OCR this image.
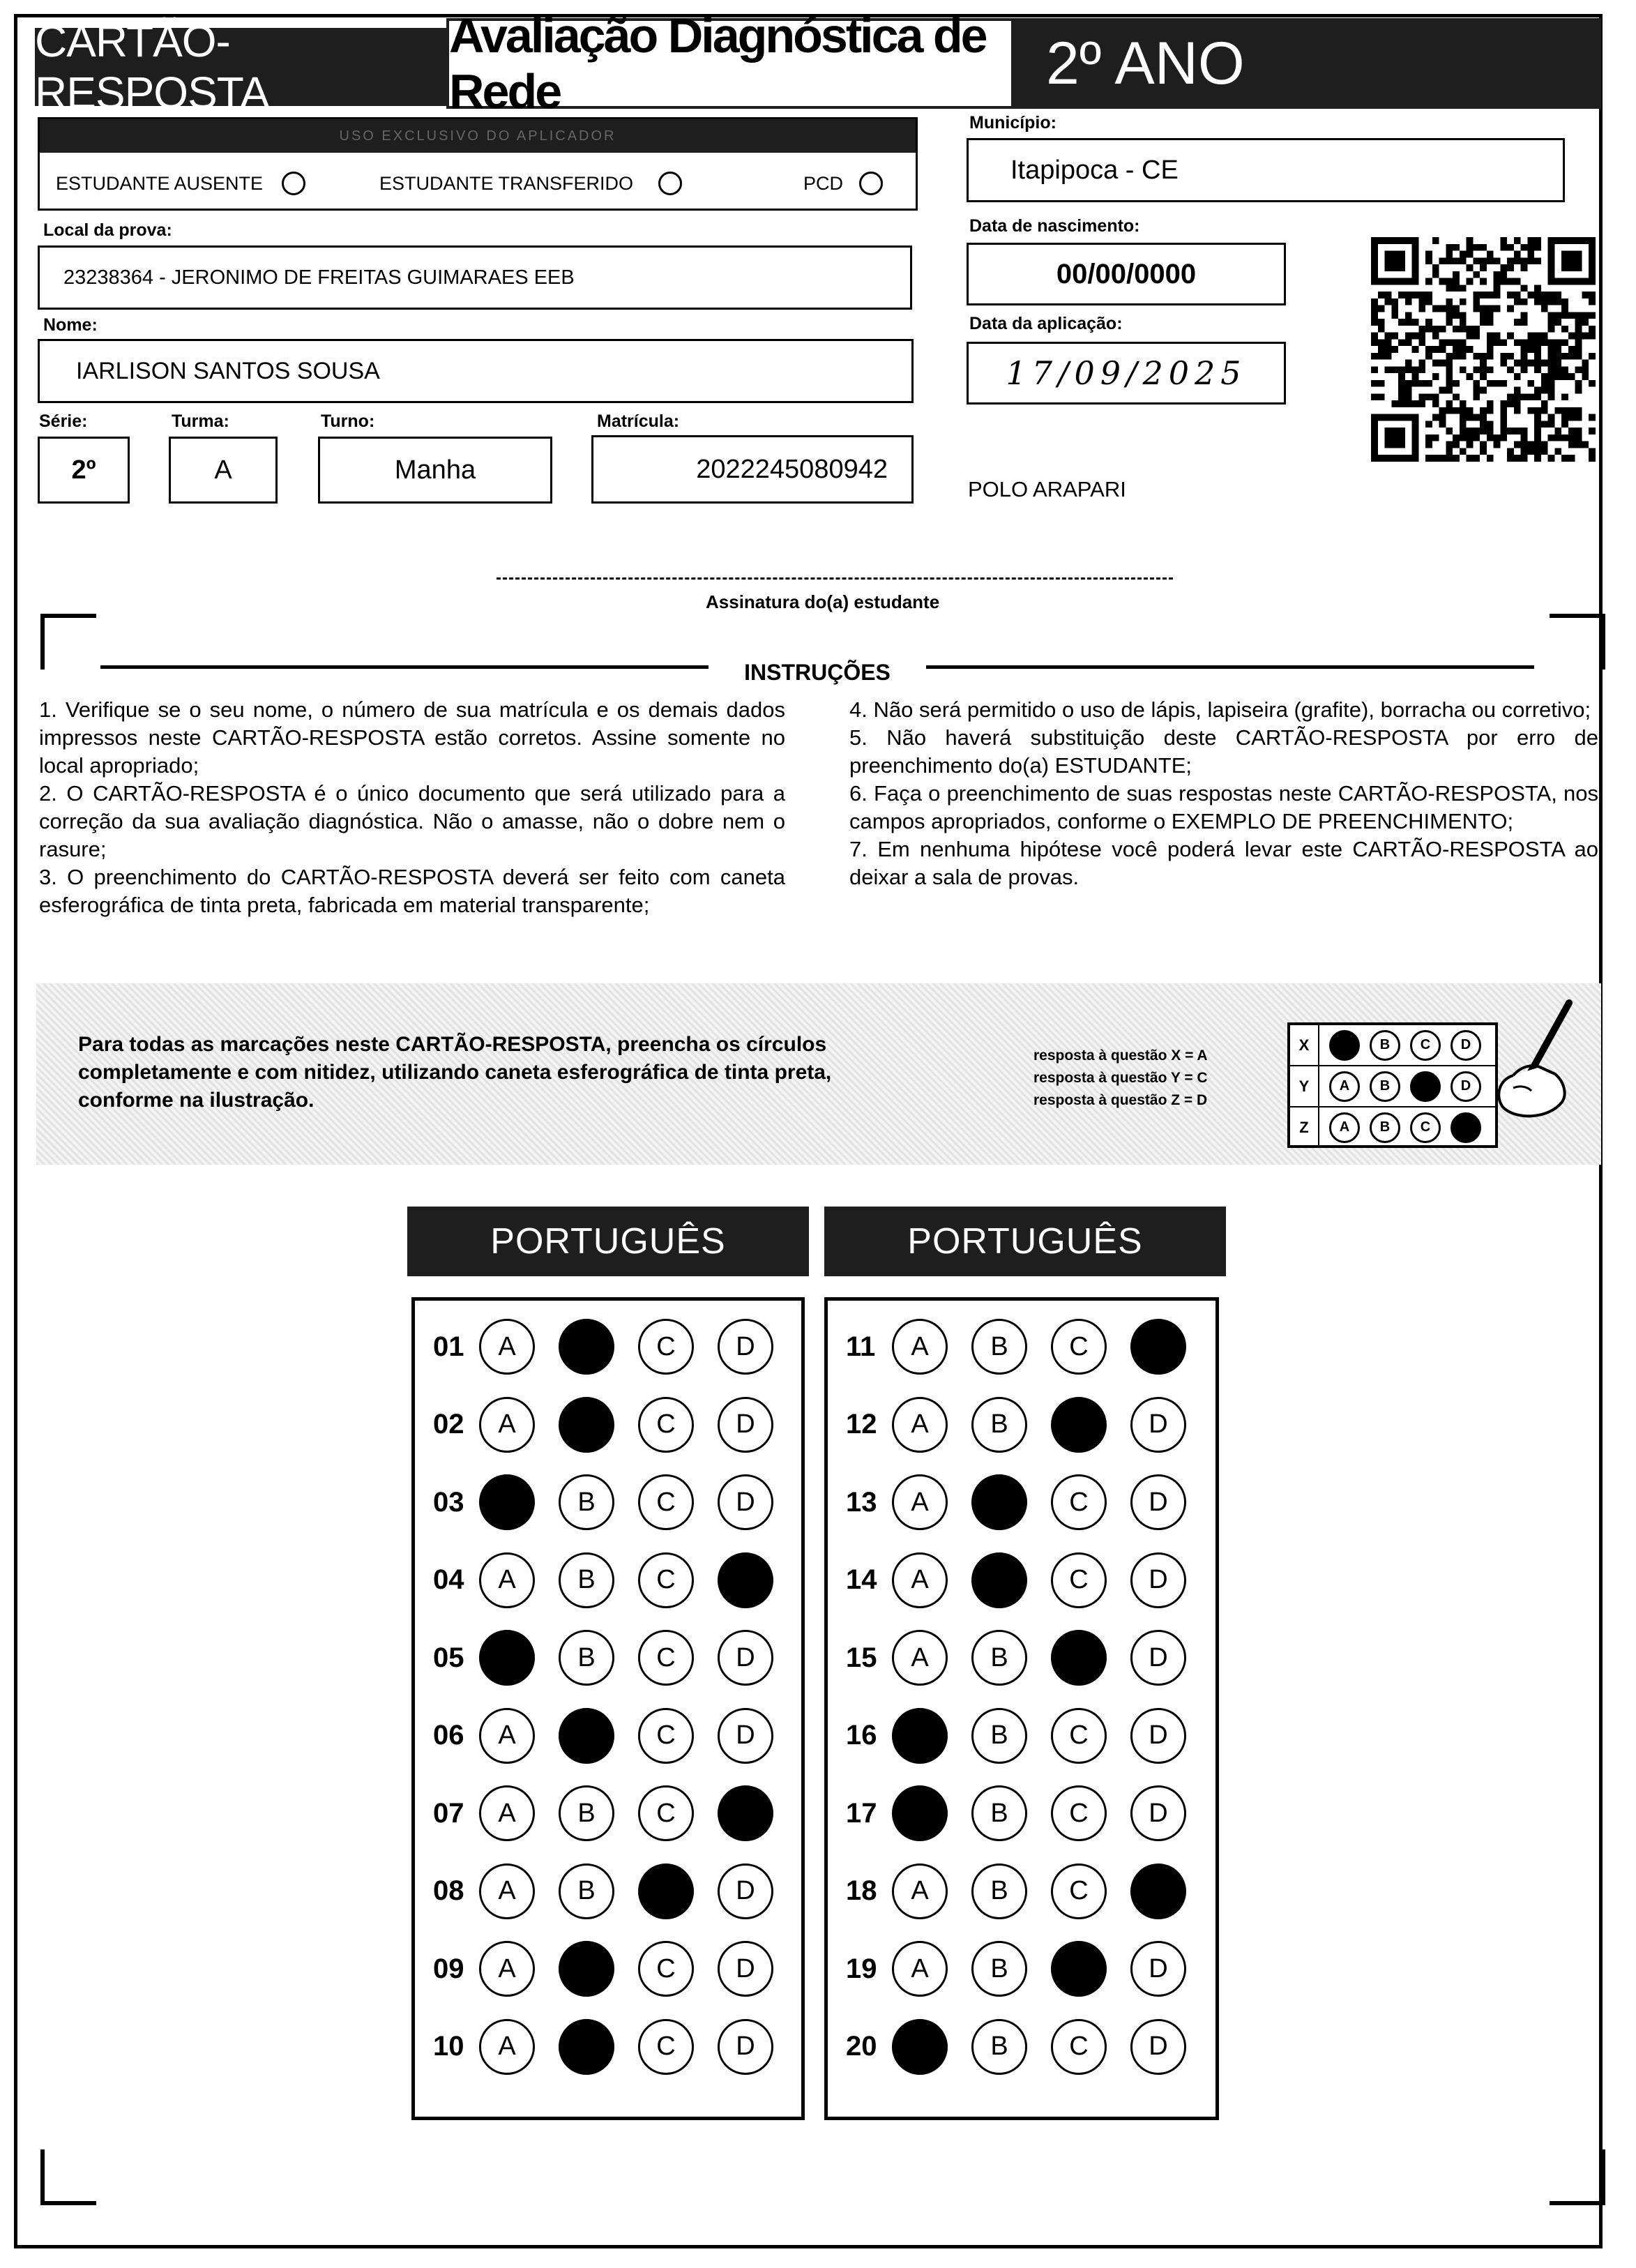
CARTÃO-RESPOSTA
Avaliação Diagnóstica de Rede	2º ANO
USO EXCLUSIVO DO APLICADOR
ESTUDANTE AUSENTE	ESTUDANTE TRANSFERIDO	PCD
Município:
Itapipoca - CE
Local da prova:
23238364 - JERONIMO DE FREITAS GUIMARAES EEB
Data de nascimento:
00/00/0000
Nome:
IARLISON SANTOS SOUSA
Data da aplicação:
17/09/2025
Série:
2º
Turma:
A
Turno:
Manha
Matrícula:
2022245080942
POLO ARAPARI
Assinatura do(a) estudante
INSTRUÇÕES

1. Verifique se o seu nome, o número de sua matrícula e os demais dados impressos neste CARTÃO-RESPOSTA estão corretos. Assine somente no local apropriado;

2. O CARTÃO-RESPOSTA é o único documento que será utilizado para a correção da sua avaliação diagnóstica. Não o amasse, não o dobre nem o rasure;

3. O preenchimento do CARTÃO-RESPOSTA deverá ser feito com caneta esferográfica de tinta preta, fabricada em material transparente;

4. Não será permitido o uso de lápis, lapiseira (grafite), borracha ou corretivo;

5. Não haverá substituição deste CARTÃO-RESPOSTA por erro de preenchimento do(a) ESTUDANTE;

6. Faça o preenchimento de suas respostas neste CARTÃO-RESPOSTA, nos campos apropriados, conforme o EXEMPLO DE PREENCHIMENTO;

7. Em nenhuma hipótese você poderá levar este CARTÃO-RESPOSTA ao deixar a sala de provas.

Para todas as marcações neste CARTÃO-RESPOSTA, preencha os círculos completamente e com nitidez, utilizando caneta esferográfica de tinta preta, conforme na ilustração.
resposta à questão X = A
resposta à questão Y = C
resposta à questão Z = D
X	A	B	C	D
Y	A	B	C	D
Z	A	B	C	D
PORTUGUÊS	PORTUGUÊS
01	A	B	C	D
02	A	B	C	D
03	A	B	C	D
04	A	B	C	D
05	A	B	C	D
06	A	B	C	D
07	A	B	C	D
08	A	B	C	D
09	A	B	C	D
10	A	B	C	D
11	A	B	C	D
12	A	B	C	D
13	A	B	C	D
14	A	B	C	D
15	A	B	C	D
16	A	B	C	D
17	A	B	C	D
18	A	B	C	D
19	A	B	C	D
20	A	B	C	D
